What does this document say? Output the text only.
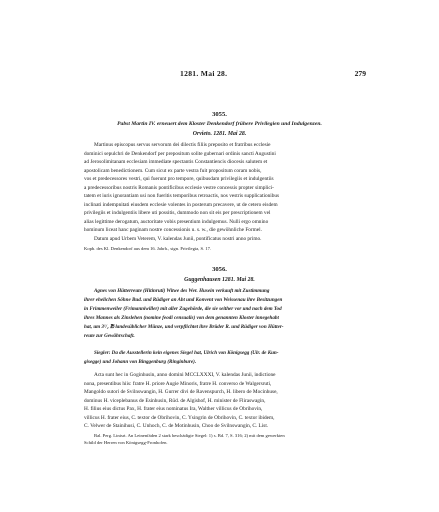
1281. Mai 28.	279
3055.
Pabst Martin IV. erneuert dem Kloster Denkendorf frühere Privilegien und Indulgenzen.
Orvieto. 1281. Mai 28.
Martinus episcopus servus servorum dei dilectis filiis preposito et fratribus ecclesie
dominici sepulchri de Denkendorf per prepositum solite gubernari ordinis sancti Augustini
ad Jerosolimitanam ecclesiam immediate spectantis Constantiencis diocesis salutem et
apostolicam benedictionem. Cum sicut ex parte vestra fuit propositum coram nobis,
vos et predecessores vestri, qui fuerunt pro tempore, quibusdam privilegiis et indulgentiis
a predecessoribus nostris Romanis pontificibus ecclesie vestre concessis propter simplici-
tatem et iuris ignorantiam usi non fueritis temporibus retroactis, nos vestris supplicationibus
inclinati indempnitati eiusdem ecclesie volentes in posterum precavere, ut de cetero eisdem
privilegiis et indulgentiis libere uti possitis, dummodo non sit eis per prescriptionem vel
alias legittime derogatum, auctoritate vobis presentium indulgemus. Nulli ergo omnino
hominum liceat hanc paginam nostre concessionis u. s. w., die gewöhnliche Formel.
Datum apud Urbem Veterem, V. kalendas Junii, pontificatus nostri anno primo.
Kopb. des Kl. Denkendorf aus dem 16. Jahrh., sign. Privilegia, S. 17.
3056.
Guggenhausen 1281. Mai 28.
Agnes von Hütterreute (Hitinruti) Witwe des Wer. Husein verkauft mit Zustimmung
ihrer ehelichen Söhne Bud. und Rüdiger an Abt und Konvent von Weissenau ihre Besitzungen
in Frimmenweiler (Frimanniwiller) mit aller Zugehörde, die sie seither vor und nach dem Tod
ihres Mannes als Zinslehen (nomine feodi censualis) von dem genannten Kloster innegehabt
hat, um 3¹/₂ ℔ landesüblicher Münze, und verpflichtet ihre Brüder R. und Rüdiger von Hütter-
reute zur Gewährschaft.
Siegler: Da die Ausstellerin kein eigenes Siegel hat, Ulrich von Königsegg (Ulr. de Kun-
gisegge) und Johann von Binggenburg (Ringinbure).
Acta sunt hec in Goginhusin, anno domini MCCLXXXI, V. kalendas Junii, indictione
nona, presentibus hiis: fratre H. priore Augie Minoris, fratre H. converso de Walgersruti,
Mangoldo sutori de Svilnswangin, H. Gurrer divi de Ravenspurch, H. libero de Mocinhuse,
dominus H. viceplebanus de Esinhusin, Rüd. de Algishof, H. minister de Fliraswagin,
H. filius eius dictus Pax, H. frater eius nominatus Ira, Walther villicus de Obrihovin,
villicus H. frater eius, C. textor de Obrihovin, C. Ysingrin de Obrihovin, C. textor ibidem,
C. Velwer de Stainihusi, C. Unhoch, C. de Motinhusin, Choo de Svilnswangin, C. List.
Bal. Perg. Linisrt. An Leinenfäden 2 stark beschädigte Siegel: 1) s. Bd. 7, S. 316; 2) mit dem gewerkten
Schild der Herren von Königsegg-Fronhofen.
